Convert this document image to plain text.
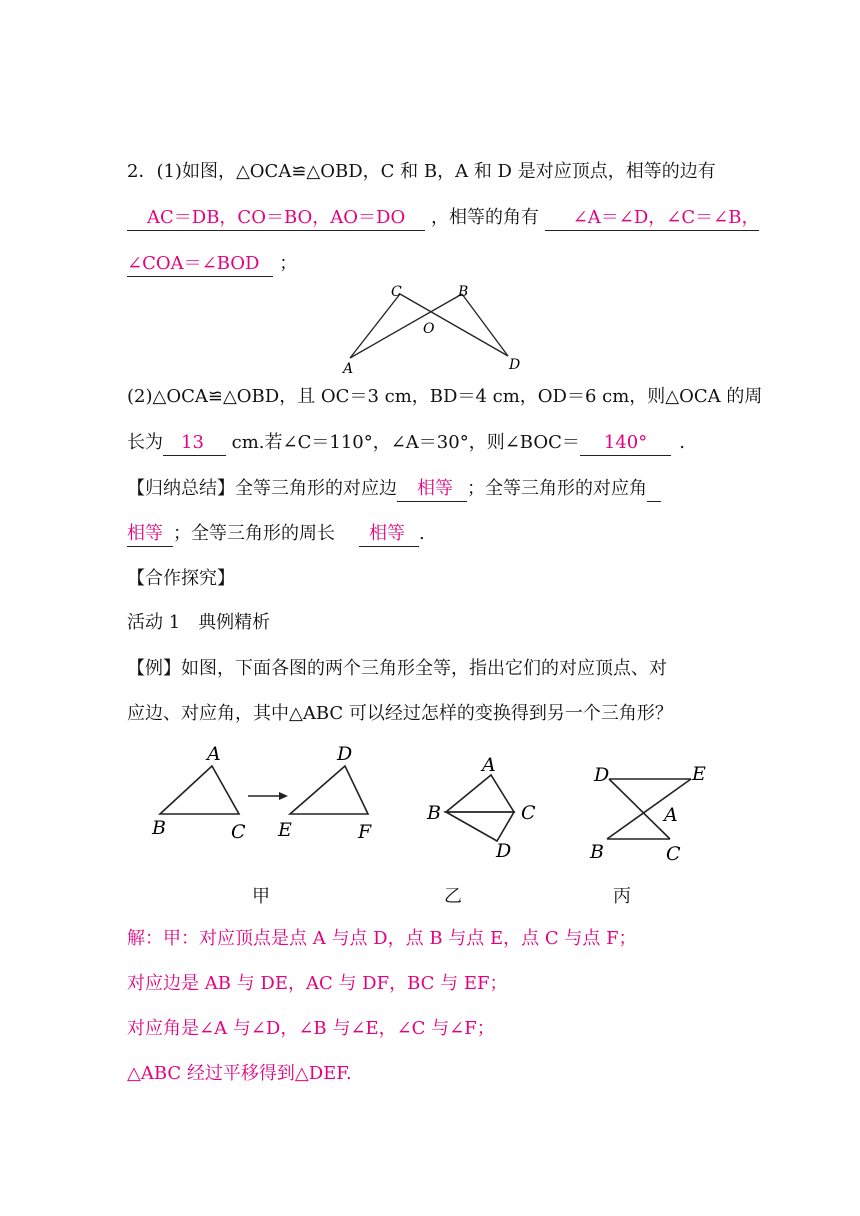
2．(1)如图，△OCA≌△OBD，C 和 B，A 和 D 是对应顶点，相等的边有
AC＝DB，CO＝BO，AO＝DO ，相等的角有 ∠A＝∠D，∠C＝∠B，
∠COA＝∠BOD ；
C	B
O
A	D
(2)△OCA≌△OBD，且 OC＝3 cm，BD＝4 cm，OD＝6 cm，则△OCA 的周
长为 13 cm.若∠C＝110°，∠A＝30°，则∠BOC＝ 140° .
【归纳总结】全等三角形的对应边 相等 ；全等三角形的对应角
相等 ；全等三角形的周长 相等 .
【合作探究】
活动 1　典例精析
【例】如图，下面各图的两个三角形全等，指出它们的对应顶点、对
应边、对应角，其中△ABC 可以经过怎样的变换得到另一个三角形？
A
B	C
D
E	F
A
B	C
D
D	E
A
B	C
甲	乙	丙
解：甲：对应顶点是点 A 与点 D，点 B 与点 E，点 C 与点 F；
对应边是 AB 与 DE，AC 与 DF，BC 与 EF；
对应角是∠A 与∠D，∠B 与∠E，∠C 与∠F；
△ABC 经过平移得到△DEF.
